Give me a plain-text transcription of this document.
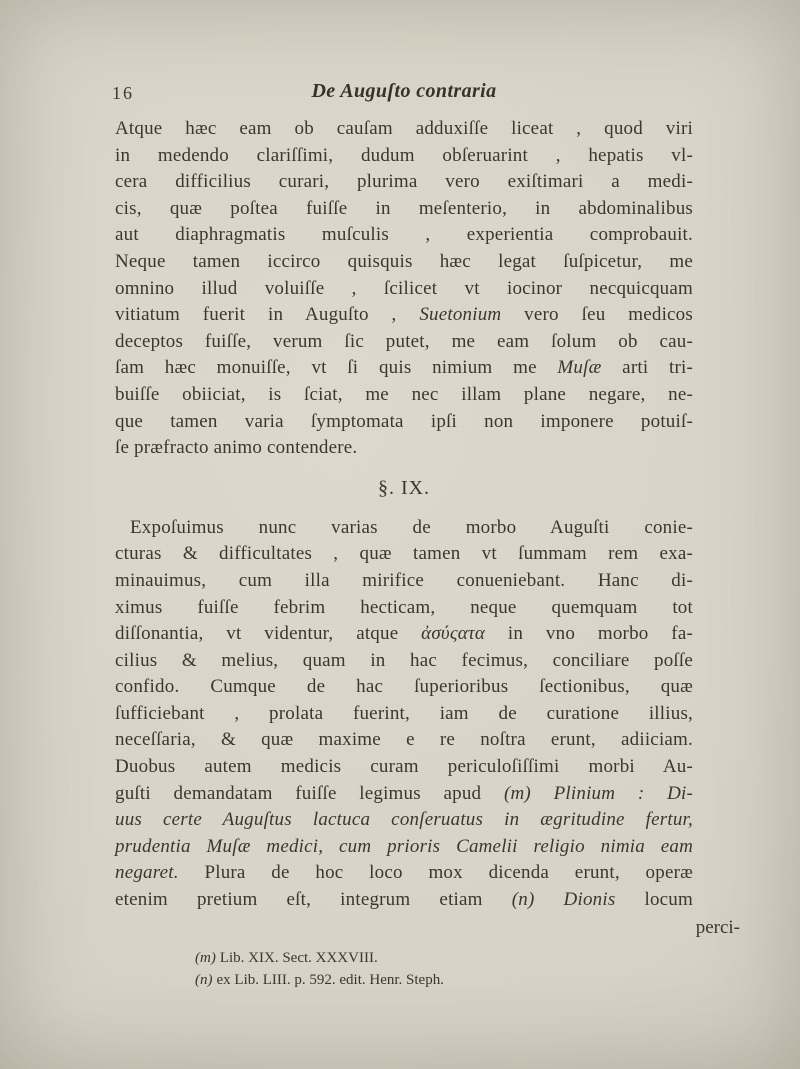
16	De Auguſto contraria
Atque hæc eam ob cauſam adduxiſſe liceat , quod viri
in medendo clariſſimi, dudum obſeruarint , hepatis vl-
cera difficilius curari, plurima vero exiſtimari a medi-
cis, quæ poſtea fuiſſe in meſenterio, in abdominalibus
aut diaphragmatis muſculis , experientia comprobauit.
Neque tamen iccirco quisquis hæc legat ſuſpicetur, me
omnino illud voluiſſe , ſcilicet vt iocinor necquicquam
vitiatum fuerit in Auguſto , Suetonium vero ſeu medicos
deceptos fuiſſe, verum ſic putet, me eam ſolum ob cau-
ſam hæc monuiſſe, vt ſi quis nimium me Muſæ arti tri-
buiſſe obiiciat, is ſciat, me nec illam plane negare, ne-
que tamen varia ſymptomata ipſi non imponere potuiſ-
ſe præfracto animo contendere.
§. IX.
Expoſuimus nunc varias de morbo Auguſti conie-
cturas & difficultates , quæ tamen vt ſummam rem exa-
minauimus, cum illa mirifice conueniebant. Hanc di-
ximus fuiſſe febrim hecticam, neque quemquam tot
diſſonantia, vt videntur, atque ἀσύςατα in vno morbo fa-
cilius & melius, quam in hac fecimus, conciliare poſſe
confido. Cumque de hac ſuperioribus ſectionibus, quæ
ſufficiebant , prolata fuerint, iam de curatione illius,
neceſſaria, & quæ maxime e re noſtra erunt, adiiciam.
Duobus autem medicis curam periculoſiſſimi morbi Au-
guſti demandatam fuiſſe legimus apud (m) Plinium : Di-
uus certe Auguſtus lactuca conſeruatus in ægritudine fertur,
prudentia Muſæ medici, cum prioris Camelii religio nimia eam
negaret. Plura de hoc loco mox dicenda erunt, operæ
etenim pretium eſt, integrum etiam (n) Dionis locum
perci-
(m) Lib. XIX. Sect. XXXVIII.
(n) ex Lib. LIII. p. 592. edit. Henr. Steph.
